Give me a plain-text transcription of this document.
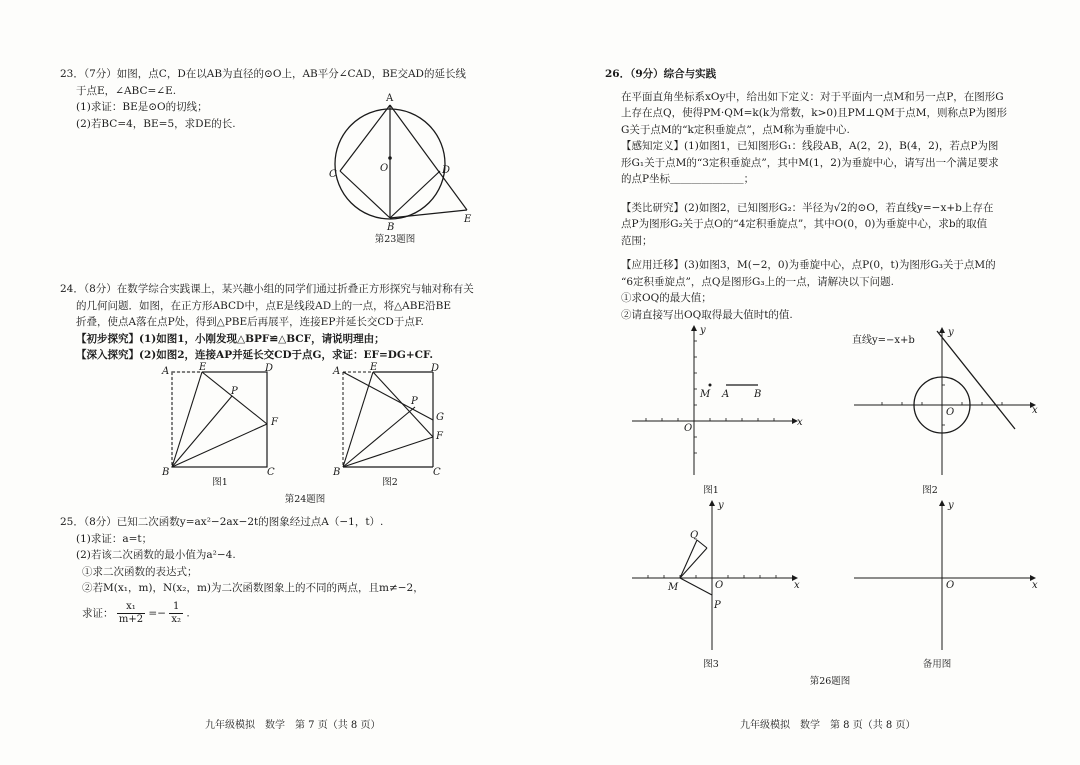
23．（7分）如图，点C，D在以AB为直径的⊙O上，AB平分∠CAD，BE交AD的延长线

于点E，∠ABC=∠E.

(1)求证：BE是⊙O的切线；

(2)若BC=4，BE=5，求DE的长.

A
O
C	D
B
E
第23题图

24．（8分）在数学综合实践课上，某兴趣小组的同学们通过折叠正方形探究与轴对称有关

的几何问题．如图，在正方形ABCD中，点E是线段AD上的一点，将△ABE沿BE

折叠，使点A落在点P处，得到△PBE后再展平，连接EP并延长交CD于点F.

【初步探究】(1)如图1，小刚发现△BPF≌△BCF，请说明理由；

【深入探究】(2)如图2，连接AP并延长交CD于点G，求证：EF=DG+CF.

A	E	D
P
F
B	C
图1
A	E	D
P
G
F
B	C
图2
第24题图

25．（8分）已知二次函数y=ax²−2ax−2t的图象经过点A（−1，t）.

(1)求证：a=t；

(2)若该二次函数的最小值为a²−4.

①求二次函数的表达式；

②若M(x₁，m)，N(x₂，m)为二次函数图象上的不同的两点，且m≠−2，

求证： $\frac{\text{x₁}}{m+2} =- \frac{1}{\text{x₂}}$ .

九年级模拟　数学　第 7 页（共 8 页）

26．（9分）综合与实践

在平面直角坐标系xOy中，给出如下定义：对于平面内一点M和另一点P，在图形G

上存在点Q，使得PM·QM=k(k为常数，k>0)且PM⊥QM于点M，则称点P为图形

G关于点M的“k定积垂旋点”，点M称为垂旋中心.

【感知定义】(1)如图1，已知图形G₁：线段AB，A(2，2)，B(4，2)，若点P为图

形G₁关于点M的“3定积垂旋点”，其中M(1，2)为垂旋中心，请写出一个满足要求

的点P坐标＿＿＿＿＿＿＿；

【类比研究】(2)如图2，已知图形G₂：半径为√2的⊙O，若直线y=−x+b上存在

点P为图形G₂关于点O的“4定积垂旋点”，其中O(0，0)为垂旋中心，求b的取值

范围；

【应用迁移】(3)如图3，M(−2，0)为垂旋中心，点P(0，t)为图形G₃关于点M的

“6定积垂旋点”，点Q是图形G₃上的一点，请解决以下问题.

①求OQ的最大值；

②请直接写出OQ取得最大值时t的值.

x
y
O
M A B
图1
x
y
O
直线y=−x+b
图2
x
y
O
M
Q
P
图3
x
y
O
备用图
第26题图
九年级模拟　数学　第 8 页（共 8 页）
